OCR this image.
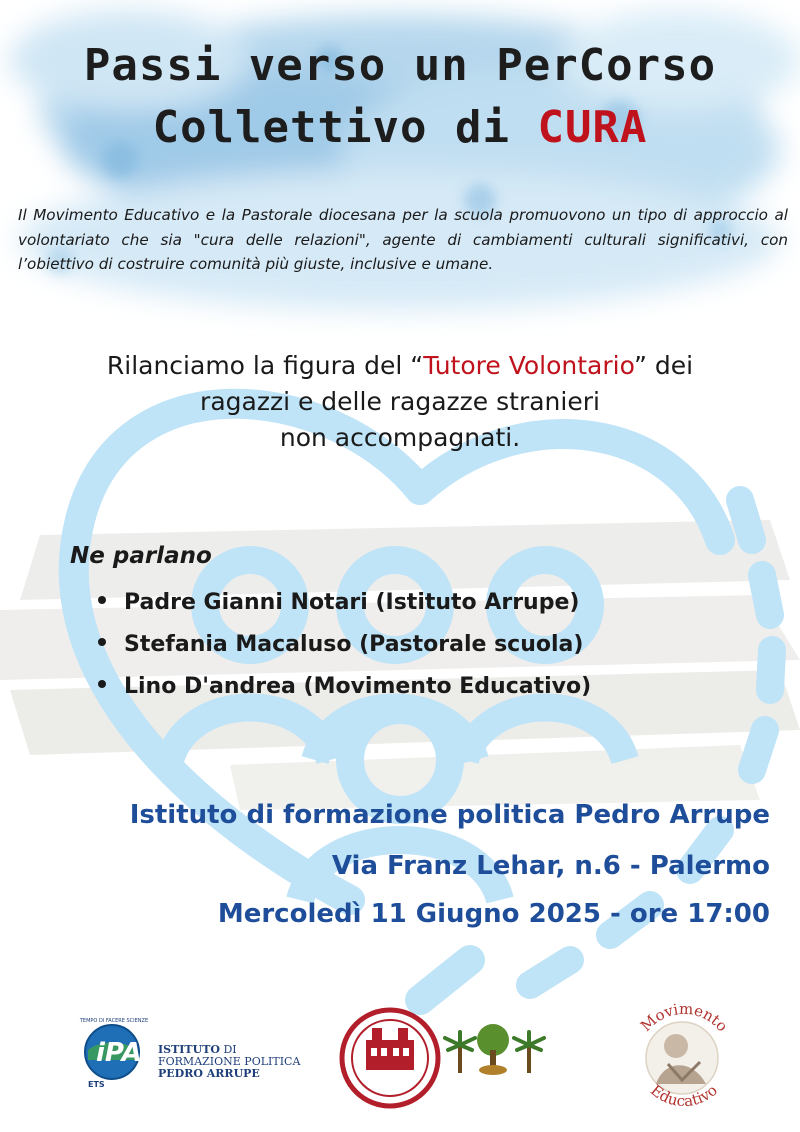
Passi verso un PerCorso
Collettivo di CURA
Il Movimento Educativo e la Pastorale diocesana per la scuola promuovono un tipo di approccio al volontariato che sia "cura delle relazioni", agente di cambiamenti culturali significativi, con l’obiettivo di costruire comunità più giuste, inclusive e umane.
Rilanciamo la figura del “Tutore Volontario” dei
ragazzi e delle ragazze stranieri
non accompagnati.
Ne parlano
Padre Gianni Notari (Istituto Arrupe)
Stefania Macaluso (Pastorale scuola)
Lino D'andrea (Movimento Educativo)
Istituto di formazione politica Pedro Arrupe
Via Franz Lehar, n.6 - Palermo
Mercoledì 11 Giugno 2025 - ore 17:00
iPA
ETS
TEMPO DI FACERE SCIENZE
ISTITUTO DI
FORMAZIONE POLITICA
PEDRO ARRUPE
Movimento
Educativo
